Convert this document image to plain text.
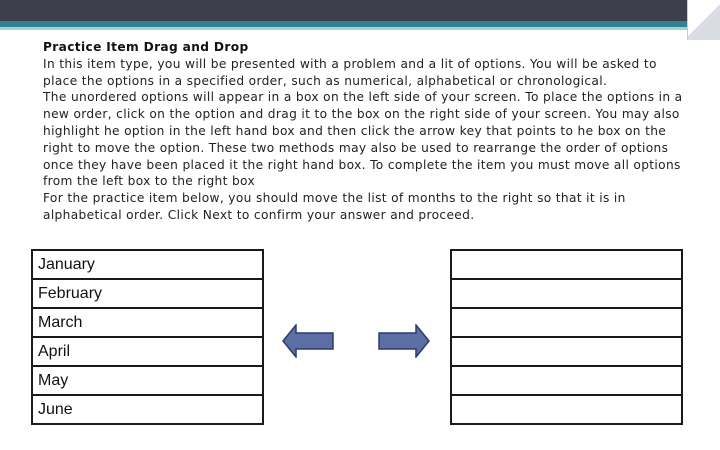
Practice Item Drag and Drop

In this item type, you will be presented with a problem and a lit of options. You will be asked to place the options in a specified order, such as numerical, alphabetical or chronological.

The unordered options will appear in a box on the left side of your screen. To place the options in a new order, click on the option and drag it to the box on the right side of your screen. You may also highlight he option in the left hand box and then click the arrow key that points to he box on the right to move the option. These two methods may also be used to rearrange the order of options once they have been placed it the right hand box. To complete the item you must move all options from the left box to the right box

For the practice item below, you should move the list of months to the right so that it is in alphabetical order. Click Next to confirm your answer and proceed.

January
February
March
April
May
June
